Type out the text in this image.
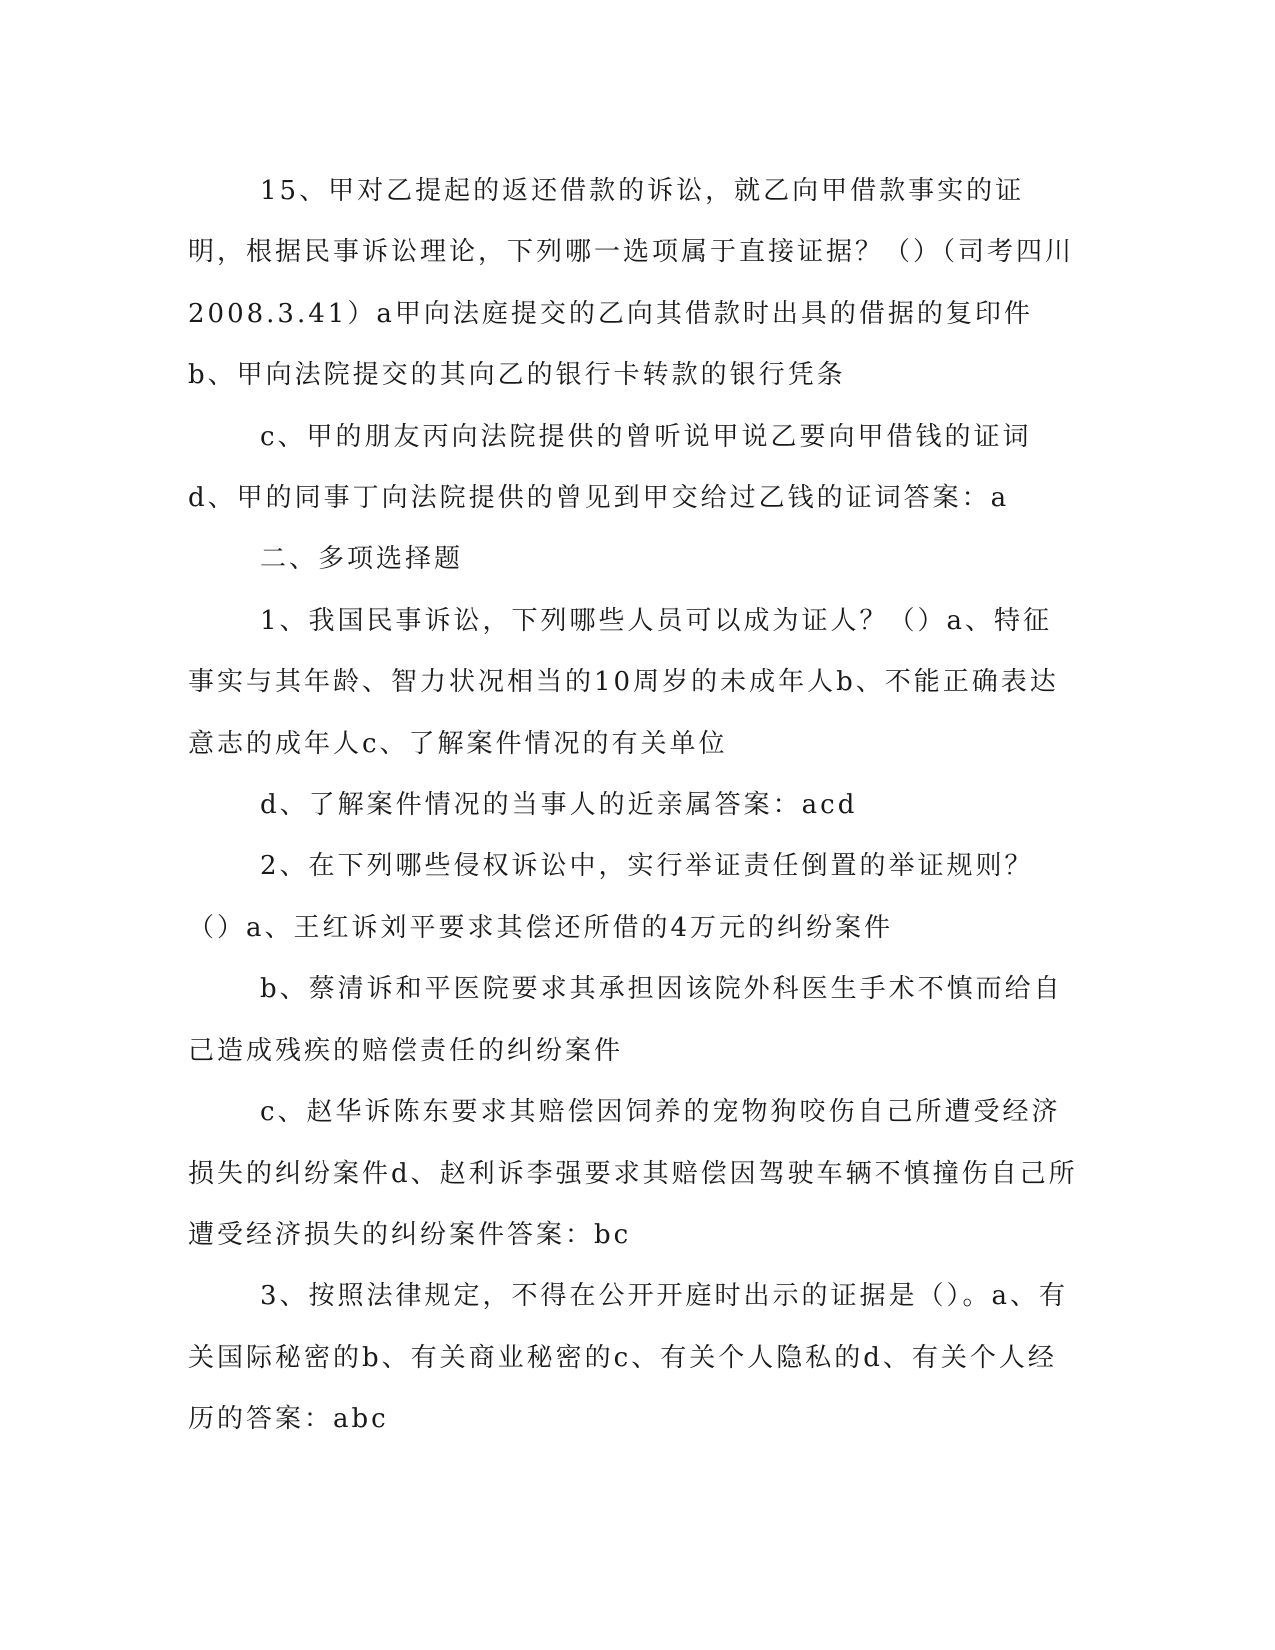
15、甲对乙提起的返还借款的诉讼，就乙向甲借款事实的证明，根据民事诉讼理论，下列哪一选项属于直接证据？（）（司考四川2008.3.41）a甲向法庭提交的乙向其借款时出具的借据的复印件b、甲向法院提交的其向乙的银行卡转款的银行凭条

c、甲的朋友丙向法院提供的曾听说甲说乙要向甲借钱的证词d、甲的同事丁向法院提供的曾见到甲交给过乙钱的证词答案：a

二、多项选择题

1、我国民事诉讼，下列哪些人员可以成为证人？（）a、特征事实与其年龄、智力状况相当的10周岁的未成年人b、不能正确表达意志的成年人c、了解案件情况的有关单位

d、了解案件情况的当事人的近亲属答案：acd

2、在下列哪些侵权诉讼中，实行举证责任倒置的举证规则？（）a、王红诉刘平要求其偿还所借的4万元的纠纷案件

b、蔡清诉和平医院要求其承担因该院外科医生手术不慎而给自己造成残疾的赔偿责任的纠纷案件

c、赵华诉陈东要求其赔偿因饲养的宠物狗咬伤自己所遭受经济损失的纠纷案件d、赵利诉李强要求其赔偿因驾驶车辆不慎撞伤自己所遭受经济损失的纠纷案件答案：bc

3、按照法律规定，不得在公开开庭时出示的证据是（）。a、有关国际秘密的b、有关商业秘密的c、有关个人隐私的d、有关个人经历的答案：abc
